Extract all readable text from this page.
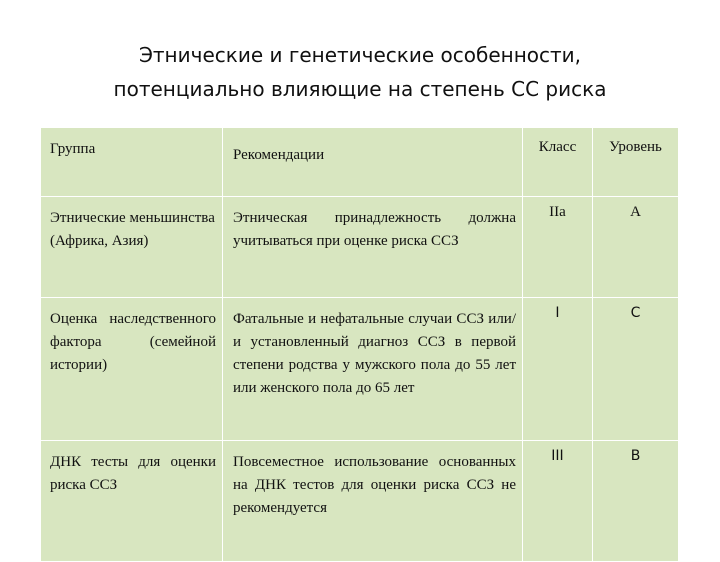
Этнические и генетические особенности,
потенциально влияющие на степень СС риска
Группа	Рекомендации	Класс	Уровень
Этнические меньшинства (Африка, Азия)	Этническая принадлежность должна учитываться при оценке риска ССЗ	IIa	A
Оценка наследственного фактора (семейной истории)	Фатальные и нефатальные случаи ССЗ или/и установленный диагноз ССЗ в первой степени родства у мужского пола до 55 лет или женского пола до 65 лет	I	C
ДНК тесты для оценки риска ССЗ	Повсеместное использование основанных на ДНК тестов для оценки риска ССЗ не рекомендуется	III	B
